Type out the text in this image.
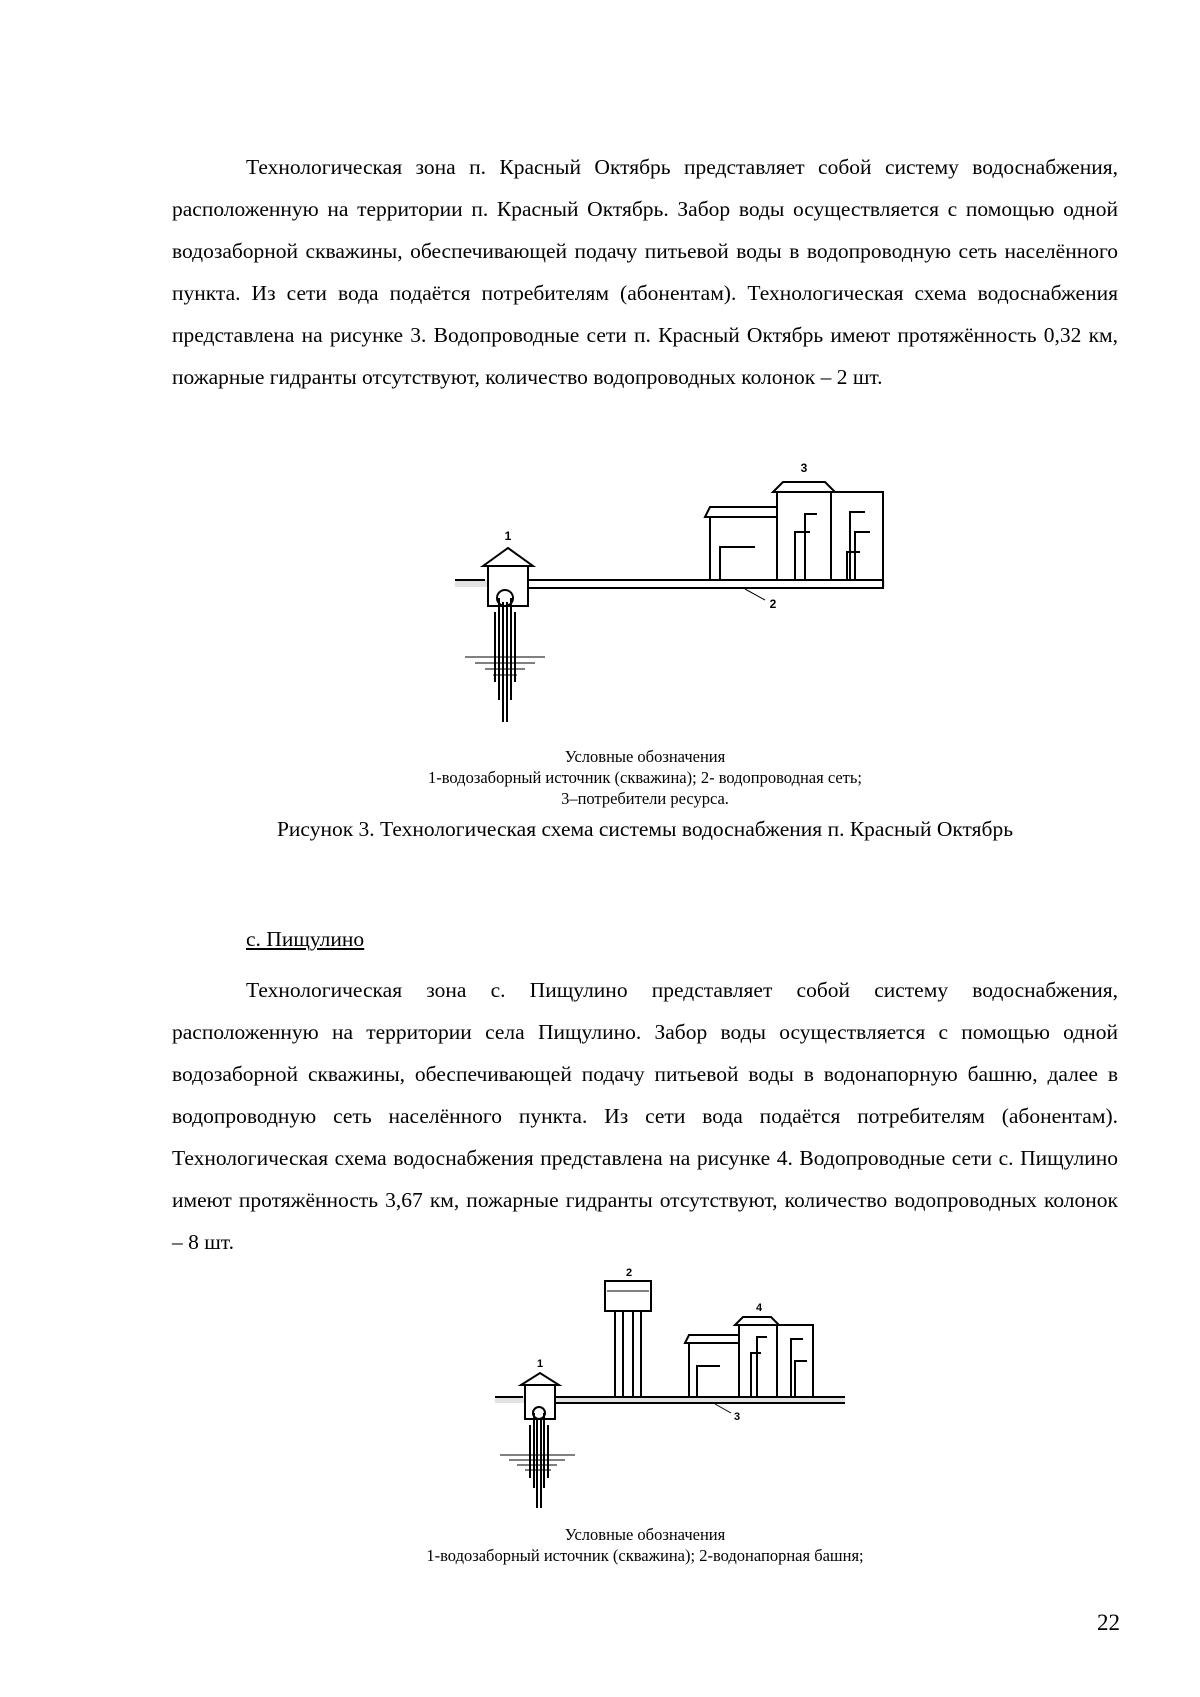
Технологическая зона п. Красный Октябрь представляет собой систему водоснабжения, расположенную на территории п. Красный Октябрь. Забор воды осуществляется с помощью одной водозаборной скважины, обеспечивающей подачу питьевой воды в водопроводную сеть населённого пункта. Из сети вода подаётся потребителям (абонентам). Технологическая схема водоснабжения представлена на рисунке 3. Водопроводные сети п. Красный Октябрь имеют протяжённость 0,32 км, пожарные гидранты отсутствуют, количество водопроводных колонок – 2 шт.

1
2
3
Условные обозначения
1-водозаборный источник (скважина); 2- водопроводная сеть;
3–потребители ресурса.

Рисунок 3. Технологическая схема системы водоснабжения п. Красный Октябрь

с. Пищулино

Технологическая зона с. Пищулино представляет собой систему водоснабжения, расположенную на территории села Пищулино. Забор воды осуществляется с помощью одной водозаборной скважины, обеспечивающей подачу питьевой воды в водонапорную башню, далее в водопроводную сеть населённого пункта. Из сети вода подаётся потребителям (абонентам). Технологическая схема водоснабжения представлена на рисунке 4. Водопроводные сети с. Пищулино имеют протяжённость 3,67 км, пожарные гидранты отсутствуют, количество водопроводных колонок – 8 шт.

1
2
3
4
Условные обозначения
1-водозаборный источник (скважина); 2-водонапорная башня;
22
